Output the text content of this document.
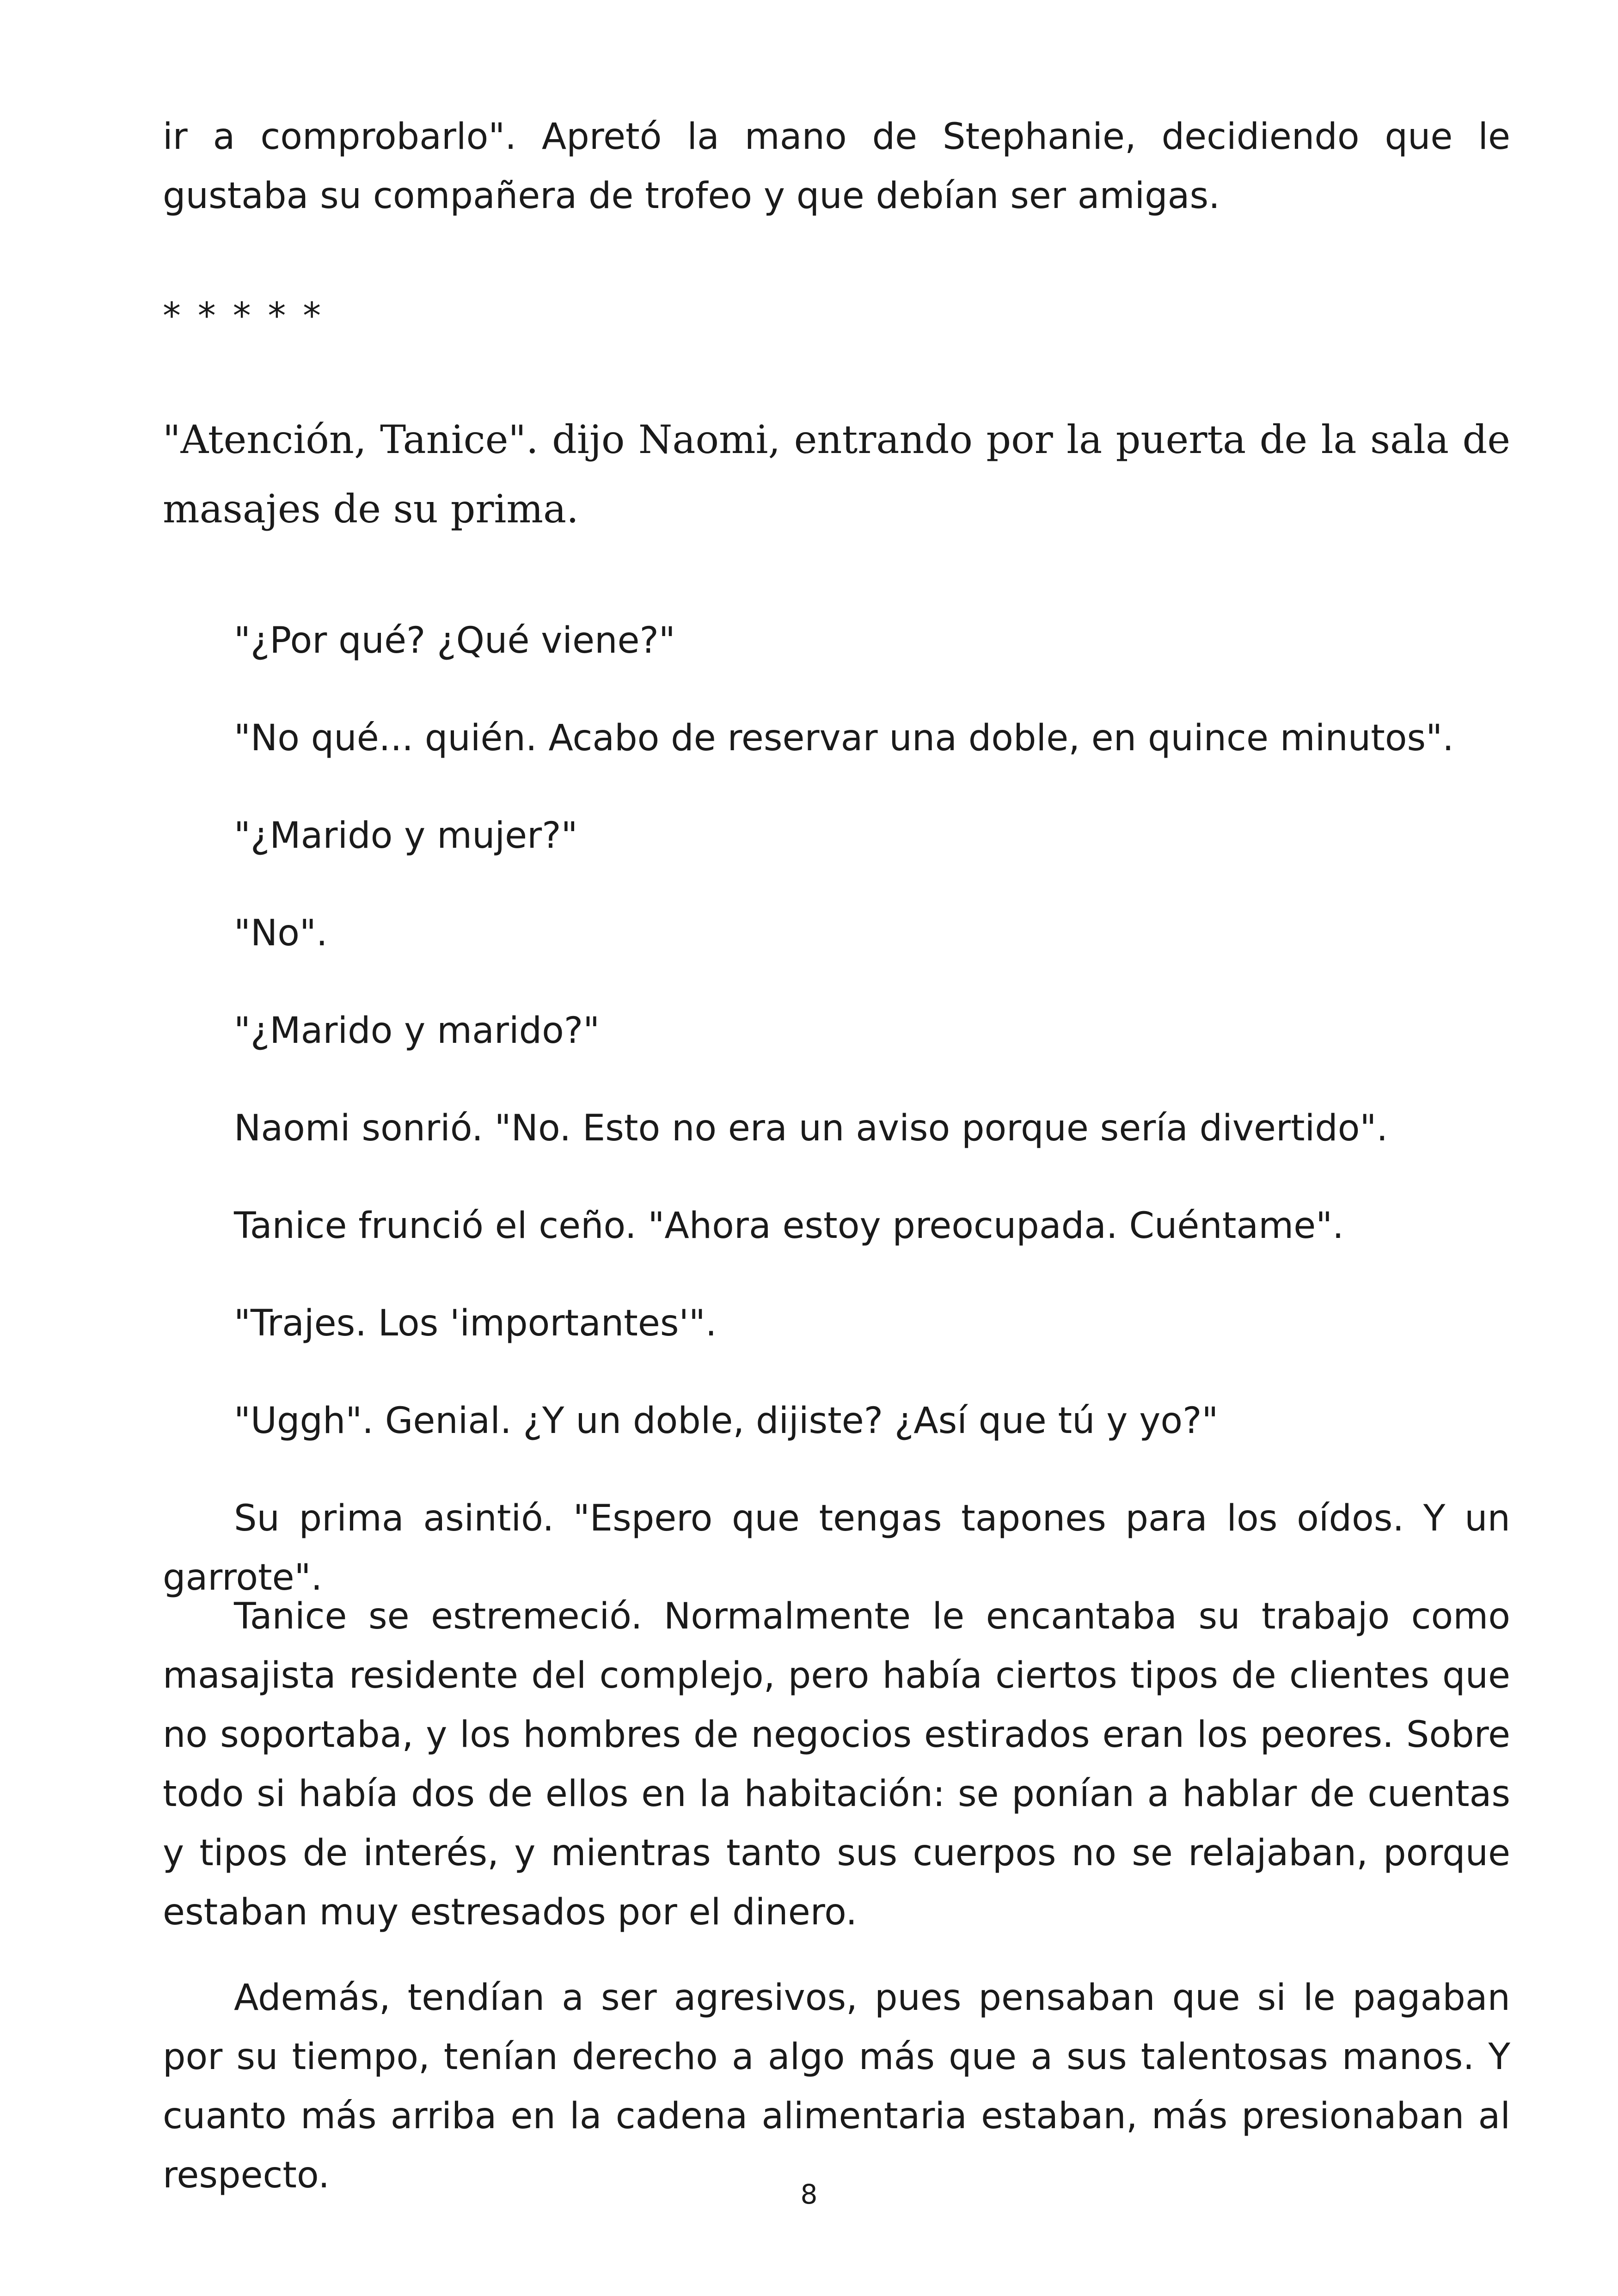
ir a comprobarlo". Apretó la mano de Stephanie, decidiendo que le gustaba su compañera de trofeo y que debían ser amigas.

* * * * *

"Atención, Tanice". dijo Naomi, entrando por la puerta de la sala de masajes de su prima.

"¿Por qué? ¿Qué viene?"

"No qué... quién. Acabo de reservar una doble, en quince minutos".

"¿Marido y mujer?"

"No".

"¿Marido y marido?"

Naomi sonrió. "No. Esto no era un aviso porque sería divertido".

Tanice frunció el ceño. "Ahora estoy preocupada. Cuéntame".

"Trajes. Los 'importantes'".

"Uggh". Genial. ¿Y un doble, dijiste? ¿Así que tú y yo?"

Su prima asintió. "Espero que tengas tapones para los oídos. Y un garrote".

Tanice se estremeció. Normalmente le encantaba su trabajo como masajista residente del complejo, pero había ciertos tipos de clientes que no soportaba, y los hombres de negocios estirados eran los peores. Sobre todo si había dos de ellos en la habitación: se ponían a hablar de cuentas y tipos de interés, y mientras tanto sus cuerpos no se relajaban, porque estaban muy estresados por el dinero.

Además, tendían a ser agresivos, pues pensaban que si le pagaban por su tiempo, tenían derecho a algo más que a sus talentosas manos. Y cuanto más arriba en la cadena alimentaria estaban, más presionaban al respecto.	8
